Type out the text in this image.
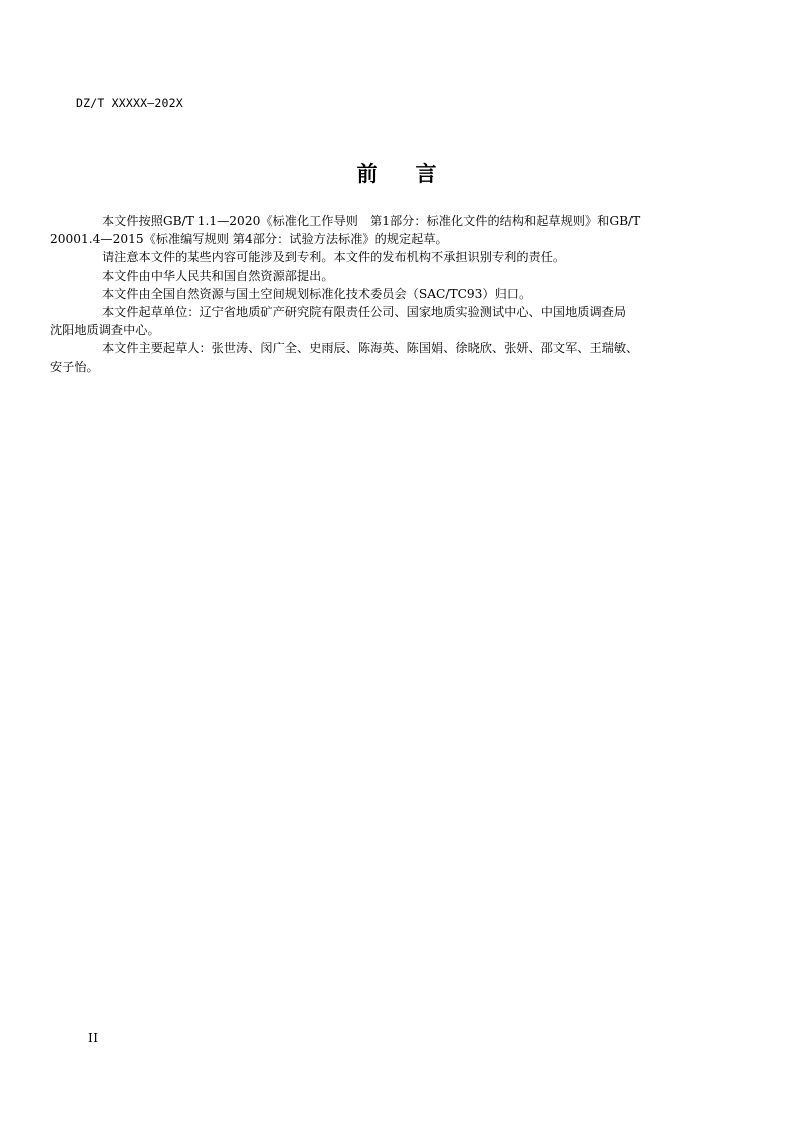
DZ/T XXXXX—202X
前 言

本文件按照GB/T 1.1—2020《标准化工作导则　第1部分：标准化文件的结构和起草规则》和GB/T
20001.4—2015《标准编写规则 第4部分：试验方法标准》的规定起草。

请注意本文件的某些内容可能涉及到专利。本文件的发布机构不承担识别专利的责任。

本文件由中华人民共和国自然资源部提出。

本文件由全国自然资源与国土空间规划标准化技术委员会（SAC/TC93）归口。

本文件起草单位：辽宁省地质矿产研究院有限责任公司、国家地质实验测试中心、中国地质调查局
沈阳地质调查中心。

本文件主要起草人：张世涛、闵广全、史雨辰、陈海英、陈国娟、徐晓欣、张妍、邵文军、王瑞敏、
安子怡。

II
